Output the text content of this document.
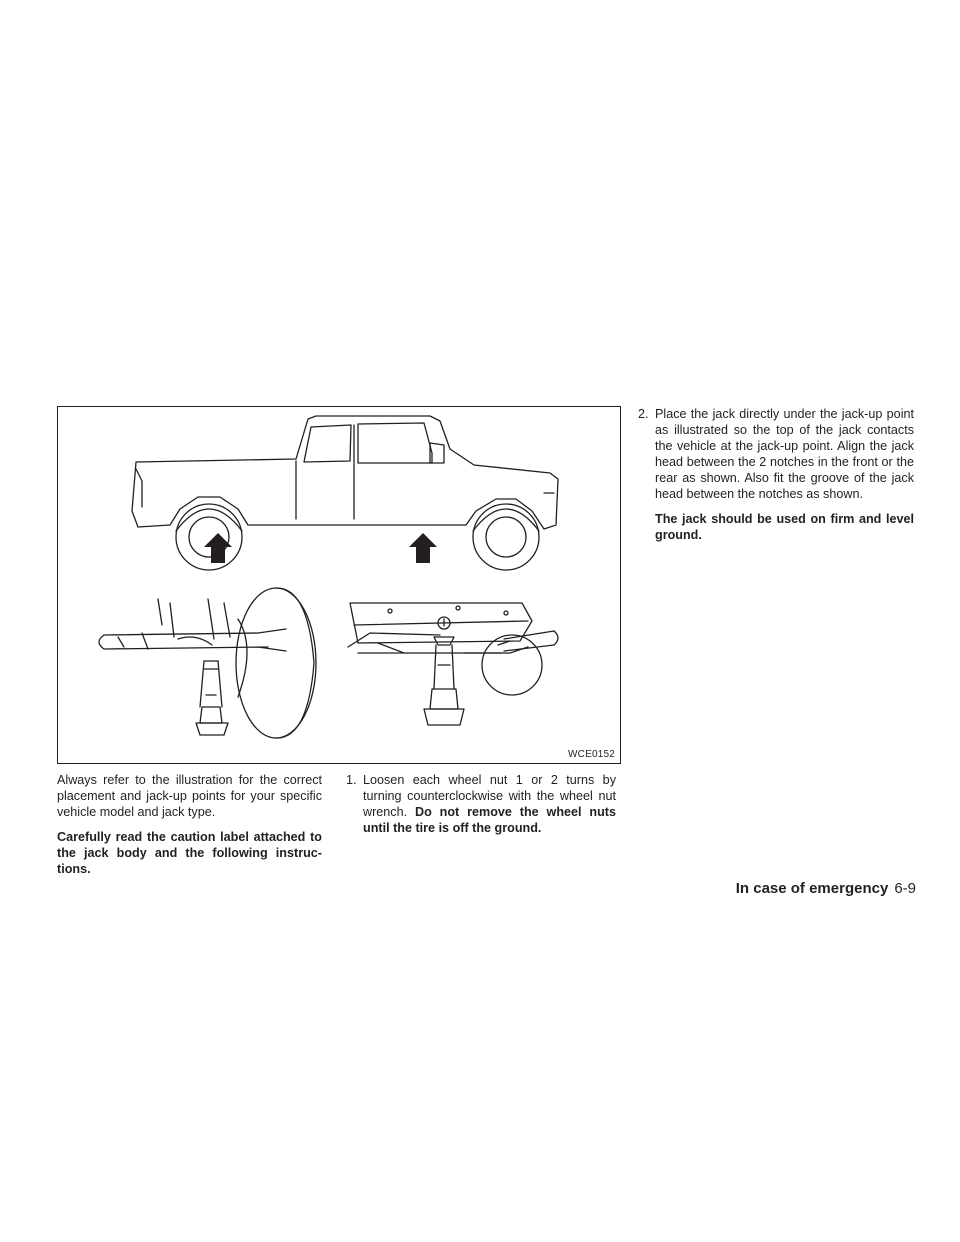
WCE0152

Always refer to the illustration for the correct placement and jack-up points for your specific vehicle model and jack type.

Carefully read the caution label attached to the jack body and the following instruc-tions.

1. Loosen each wheel nut 1 or 2 turns by turning counterclockwise with the wheel nut wrench. Do not remove the wheel nuts until the tire is off the ground.
2. Place the jack directly under the jack-up point as illustrated so the top of the jack contacts the vehicle at the jack-up point. Align the jack head between the 2 notches in the front or the rear as shown. Also fit the groove of the jack head between the notches as shown.

The jack should be used on firm and level ground.

In case of emergency 6-9
